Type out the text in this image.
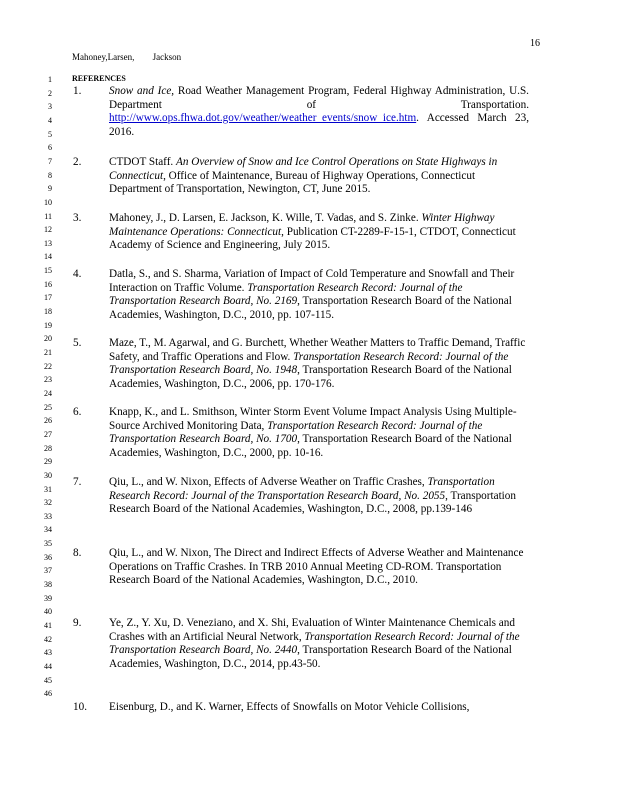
16
Mahoney,Larsen, Jackson
1
2
3
4
5
6
7
8
9
10
11
12
13
14
15
16
17
18
19
20
21
22
23
24
25
26
27
28
29
30
31
32
33
34
35
36
37
38
39
40
41
42
43
44
45
46
REFERENCES
1.	Snow and Ice, Road Weather Management Program, Federal Highway Administration, U.S. Department of Transportation. http://www.ops.fhwa.dot.gov/weather/weather_events/snow_ice.htm. Accessed March 23, 2016.
2.	CTDOT Staff. An Overview of Snow and Ice Control Operations on State Highways in Connecticut, Office of Maintenance, Bureau of Highway Operations, Connecticut Department of Transportation, Newington, CT, June 2015.
3.	Mahoney, J., D. Larsen, E. Jackson, K. Wille, T. Vadas, and S. Zinke. Winter Highway Maintenance Operations: Connecticut, Publication CT-2289-F-15-1, CTDOT, Connecticut Academy of Science and Engineering, July 2015.
4.	Datla, S., and S. Sharma, Variation of Impact of Cold Temperature and Snowfall and Their Interaction on Traffic Volume. Transportation Research Record: Journal of the Transportation Research Board, No. 2169, Transportation Research Board of the National Academies, Washington, D.C., 2010, pp. 107-115.
5.	Maze, T., M. Agarwal, and G. Burchett, Whether Weather Matters to Traffic Demand, Traffic Safety, and Traffic Operations and Flow. Transportation Research Record: Journal of the Transportation Research Board, No. 1948, Transportation Research Board of the National Academies, Washington, D.C., 2006, pp. 170-176.
6.	Knapp, K., and L. Smithson, Winter Storm Event Volume Impact Analysis Using Multiple-Source Archived Monitoring Data, Transportation Research Record: Journal of the Transportation Research Board, No. 1700, Transportation Research Board of the National Academies, Washington, D.C., 2000, pp. 10-16.
7.	Qiu, L., and W. Nixon, Effects of Adverse Weather on Traffic Crashes, Transportation Research Record: Journal of the Transportation Research Board, No. 2055, Transportation Research Board of the National Academies, Washington, D.C., 2008, pp.139-146
8.	Qiu, L., and W. Nixon, The Direct and Indirect Effects of Adverse Weather and Maintenance Operations on Traffic Crashes. In TRB 2010 Annual Meeting CD-ROM. Transportation Research Board of the National Academies, Washington, D.C., 2010.
9.	Ye, Z., Y. Xu, D. Veneziano, and X. Shi, Evaluation of Winter Maintenance Chemicals and Crashes with an Artificial Neural Network, Transportation Research Record: Journal of the Transportation Research Board, No. 2440, Transportation Research Board of the National Academies, Washington, D.C., 2014, pp.43-50.
10.	Eisenburg, D., and K. Warner, Effects of Snowfalls on Motor Vehicle Collisions,
